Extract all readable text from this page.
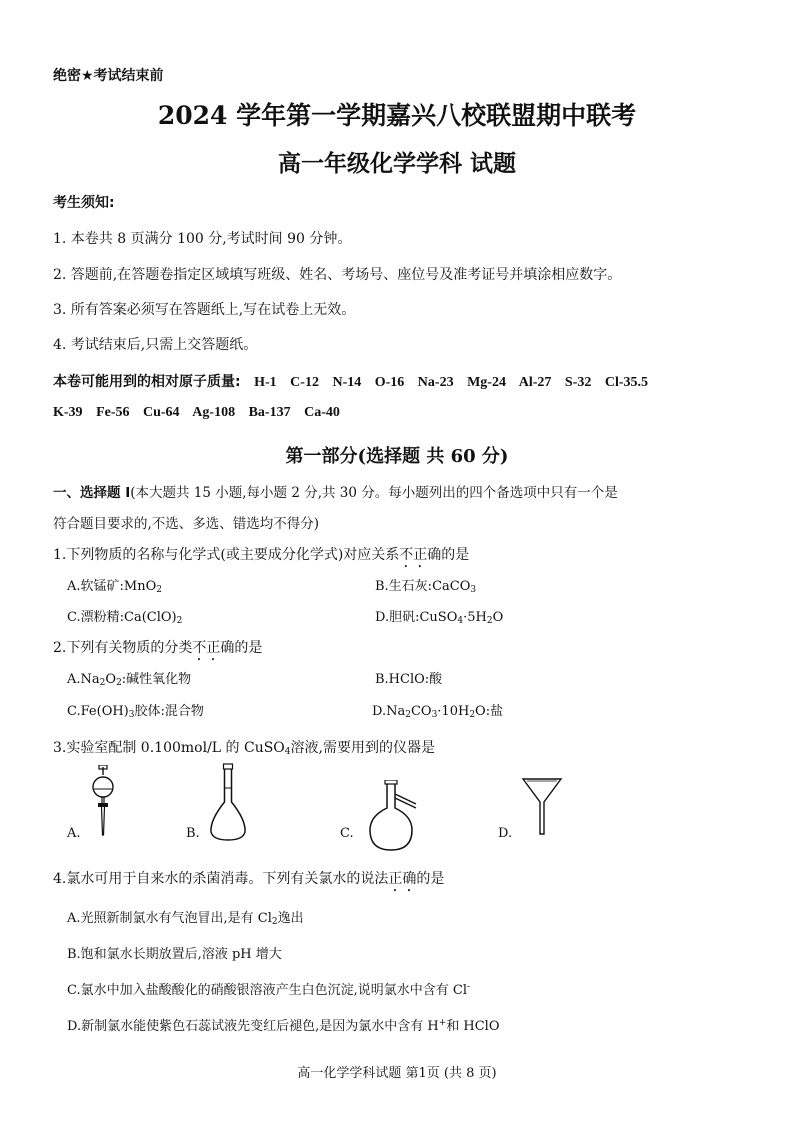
绝密★考试结束前
2024 学年第一学期嘉兴八校联盟期中联考
高一年级化学学科 试题
考生须知:
1. 本卷共 8 页满分 100 分,考试时间 90 分钟。
2. 答题前,在答题卷指定区域填写班级、姓名、考场号、座位号及准考证号并填涂相应数字。
3. 所有答案必须写在答题纸上,写在试卷上无效。
4. 考试结束后,只需上交答题纸。
本卷可能用到的相对原子质量: H-1 C-12 N-14 O-16 Na-23 Mg-24 Al-27 S-32 Cl-35.5
K-39 Fe-56 Cu-64 Ag-108 Ba-137 Ca-40
第一部分(选择题 共 60 分)
一、选择题 I(本大题共 15 小题,每小题 2 分,共 30 分。每小题列出的四个备选项中只有一个是
符合题目要求的,不选、多选、错选均不得分)
1.下列物质的名称与化学式(或主要成分化学式)对应关系不正确的是
A.软锰矿:MnO$_2$	B.生石灰:CaCO$_3$
C.漂粉精$:Ca(ClO)_2$	D.胆矾$:CuSO_4\cdot 5H_2O$
2.下列有关物质的分类不正确的是
$A.Na_2O_2$:碱性氧化物	B.HClO:酸
$C.Fe(OH)_3$胶体:混合物	$D.Na_2CO_3\cdot 10H_2O$:盐
3.实验室配制 0.100mol/L 的 CuSO$_4$溶液,需要用到的仪器是
A.	B.	C.	D.
4.氯水可用于自来水的杀菌消毒。下列有关氯水的说法正确的是
A.光照新制氯水有气泡冒出,是有 $Cl_2$逸出
B.饱和氯水长期放置后,溶液 pH 增大
C.氯水中加入盐酸酸化的硝酸银溶液产生白色沉淀,说明氯水中含有 Cl-
D.新制氯水能使紫色石蕊试液先变红后褪色,是因为氯水中含有 H+和 HClO
高一化学学科试题 第1页 (共 8 页)
